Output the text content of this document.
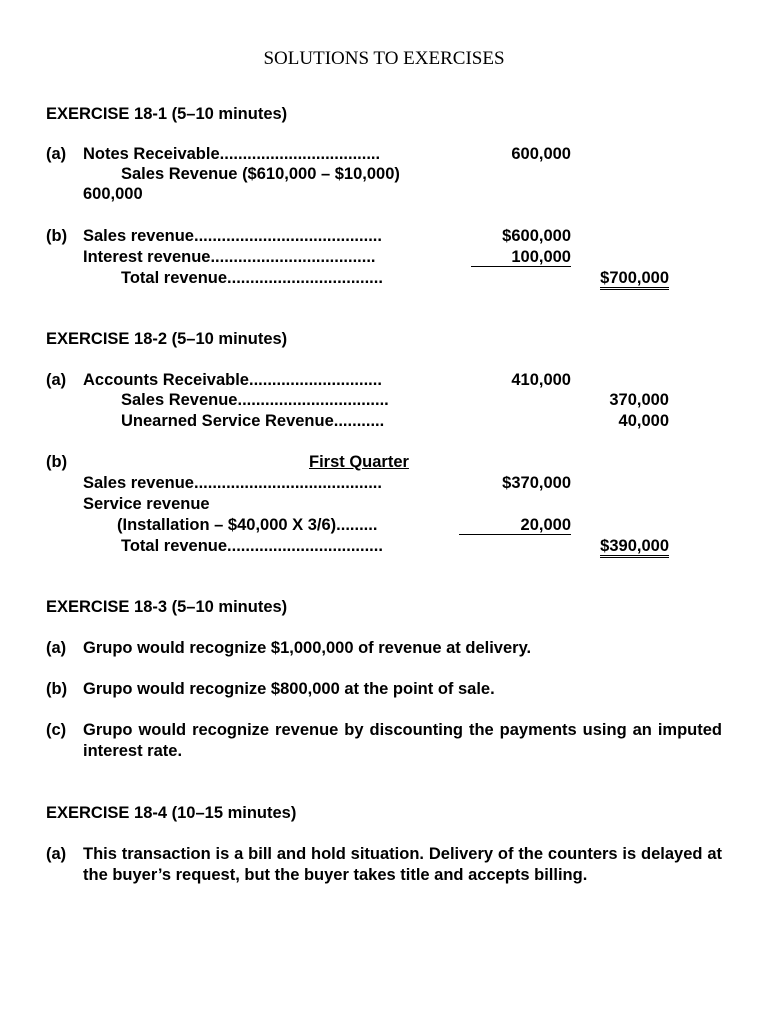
SOLUTIONS TO EXERCISES
EXERCISE 18-1 (5–10 minutes)
(a) Notes Receivable...................................	600,000
Sales Revenue ($610,000 – $10,000)
600,000
(b) Sales revenue.........................................	$600,000
Interest revenue....................................	100,000
Total revenue..................................	$700,000
EXERCISE 18-2 (5–10 minutes)
(a) Accounts Receivable.............................	410,000
Sales Revenue.................................	370,000
Unearned Service Revenue...........	40,000
(b)	First Quarter
Sales revenue.........................................	$370,000
Service revenue
(Installation – $40,000 X 3/6).........	20,000
Total revenue..................................	$390,000
EXERCISE 18-3 (5–10 minutes)
(a) Grupo would recognize $1,000,000 of revenue at delivery.
(b) Grupo would recognize $800,000 at the point of sale.
(c) Grupo would recognize revenue by discounting the payments using an imputed interest rate.
EXERCISE 18-4 (10–15 minutes)
(a) This transaction is a bill and hold situation. Delivery of the counters is delayed at the buyer’s request, but the buyer takes title and accepts billing.
